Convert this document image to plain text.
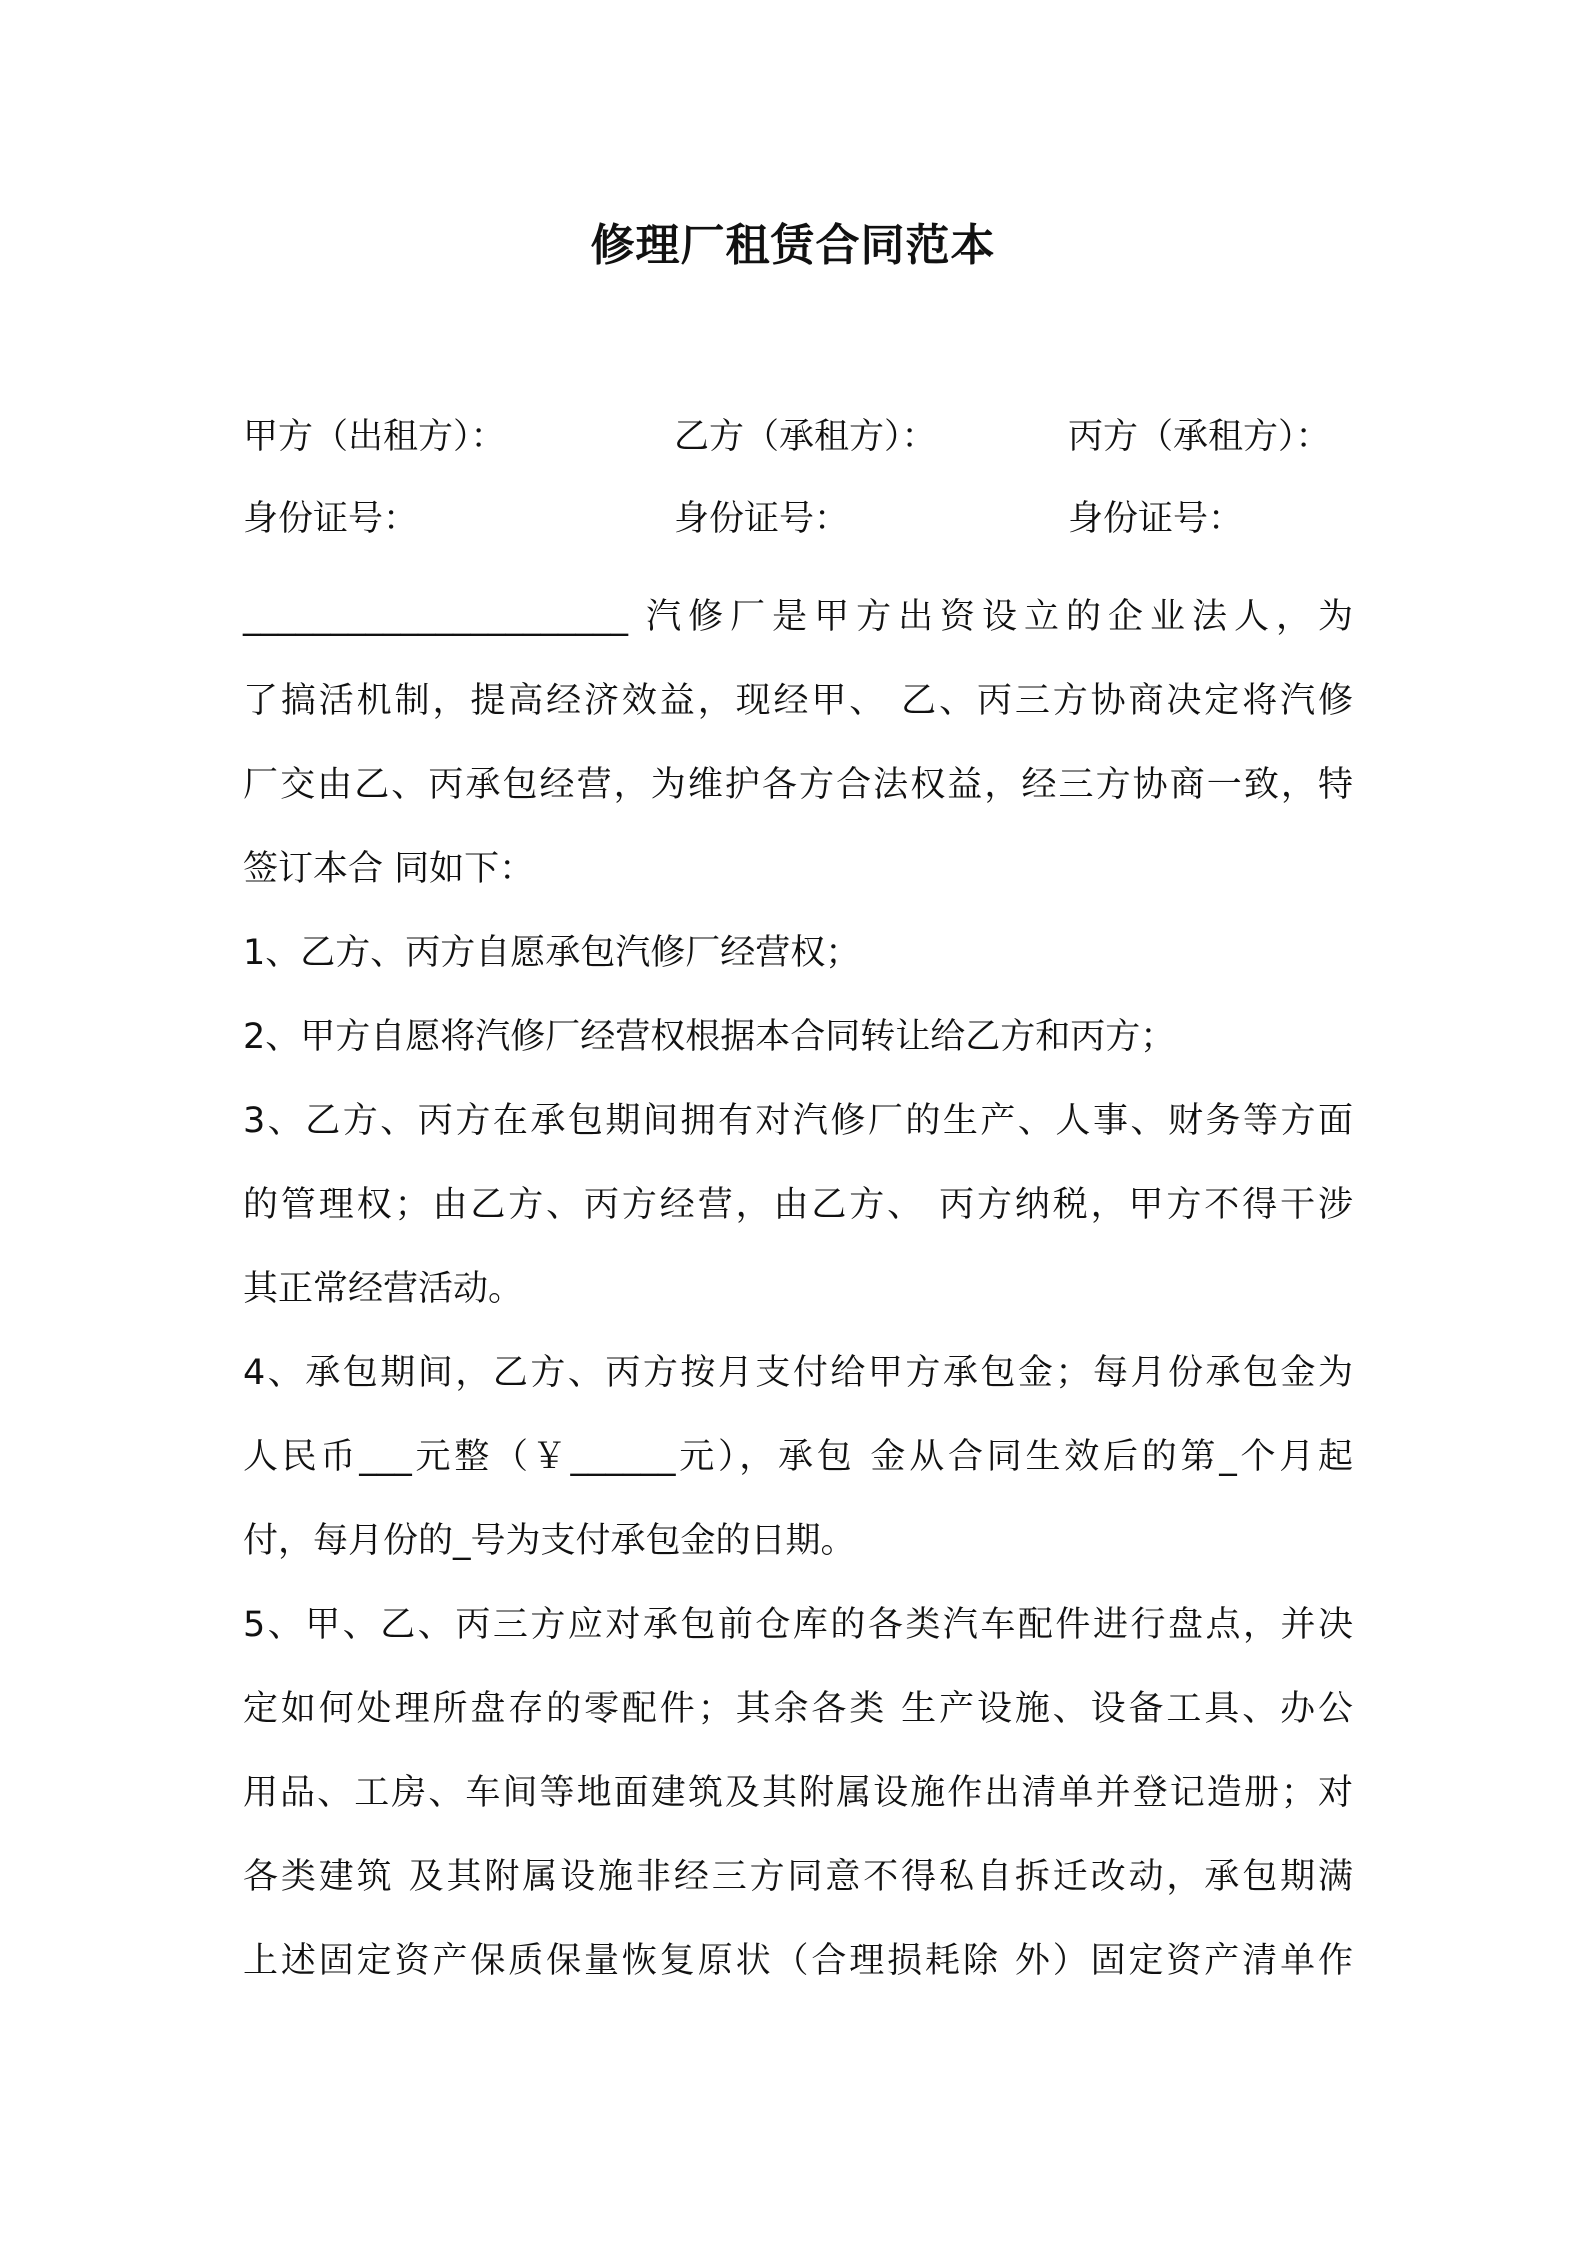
修理厂租赁合同范本
甲方（出租方）：	乙方（承租方）：	丙方（承租方）：
身份证号：	身份证号：	身份证号：
______________________ 汽修厂是甲方出资设立的企业法人，为
了搞活机制，提高经济效益，现经甲、 乙、丙三方协商决定将汽修
厂交由乙、丙承包经营，为维护各方合法权益，经三方协商一致，特
签订本合 同如下：
1、乙方、丙方自愿承包汽修厂经营权；
2、甲方自愿将汽修厂经营权根据本合同转让给乙方和丙方；
3、乙方、丙方在承包期间拥有对汽修厂的生产、人事、财务等方面
的管理权；由乙方、丙方经营，由乙方、 丙方纳税，甲方不得干涉
其正常经营活动。
4、承包期间，乙方、丙方按月支付给甲方承包金；每月份承包金为
人民币___元整（￥______元），承包 金从合同生效后的第_个月起
付，每月份的_号为支付承包金的日期。
5、甲、乙、丙三方应对承包前仓库的各类汽车配件进行盘点，并决
定如何处理所盘存的零配件；其余各类 生产设施、设备工具、办公
用品、工房、车间等地面建筑及其附属设施作出清单并登记造册；对
各类建筑 及其附属设施非经三方同意不得私自拆迁改动，承包期满
上述固定资产保质保量恢复原状（合理损耗除 外）固定资产清单作
